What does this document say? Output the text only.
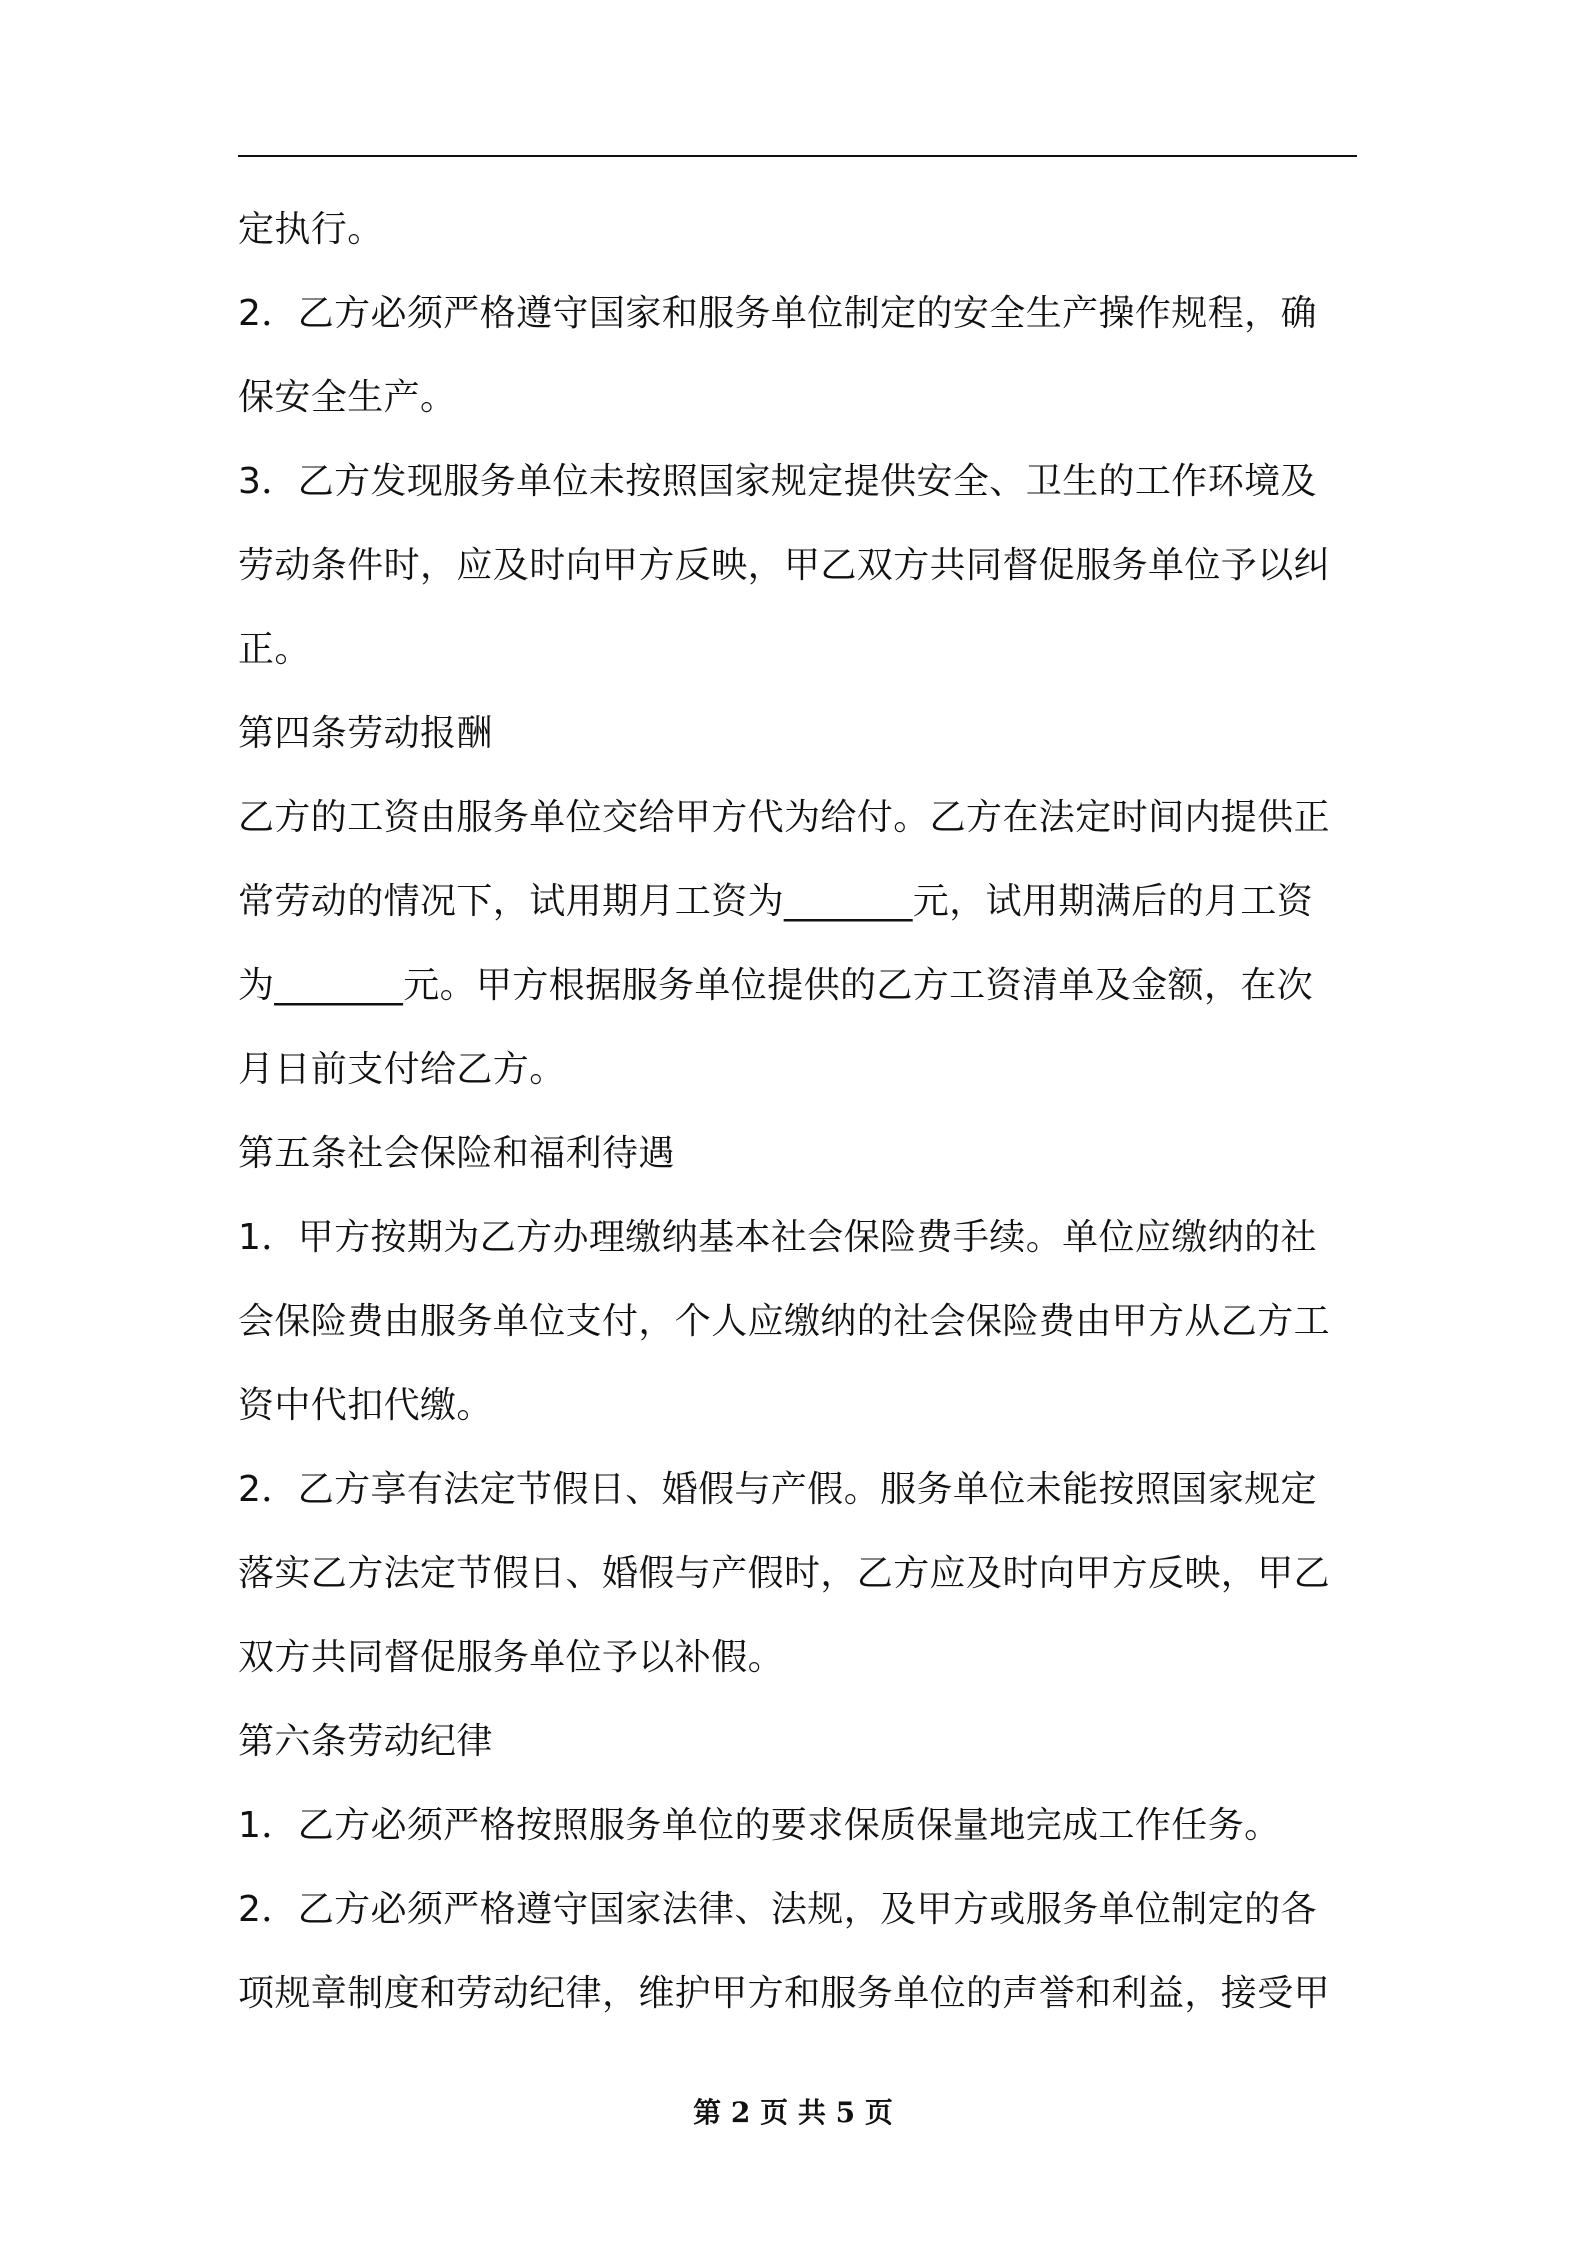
定执行。
2．乙方必须严格遵守国家和服务单位制定的安全生产操作规程，确
保安全生产。
3．乙方发现服务单位未按照国家规定提供安全、卫生的工作环境及
劳动条件时，应及时向甲方反映，甲乙双方共同督促服务单位予以纠
正。
第四条劳动报酬
乙方的工资由服务单位交给甲方代为给付。乙方在法定时间内提供正
常劳动的情况下，试用期月工资为_______元，试用期满后的月工资
为_______元。甲方根据服务单位提供的乙方工资清单及金额，在次
月日前支付给乙方。
第五条社会保险和福利待遇
1．甲方按期为乙方办理缴纳基本社会保险费手续。单位应缴纳的社
会保险费由服务单位支付，个人应缴纳的社会保险费由甲方从乙方工
资中代扣代缴。
2．乙方享有法定节假日、婚假与产假。服务单位未能按照国家规定
落实乙方法定节假日、婚假与产假时，乙方应及时向甲方反映，甲乙
双方共同督促服务单位予以补假。
第六条劳动纪律
1．乙方必须严格按照服务单位的要求保质保量地完成工作任务。
2．乙方必须严格遵守国家法律、法规，及甲方或服务单位制定的各
项规章制度和劳动纪律，维护甲方和服务单位的声誉和利益，接受甲
第 2 页 共 5 页
